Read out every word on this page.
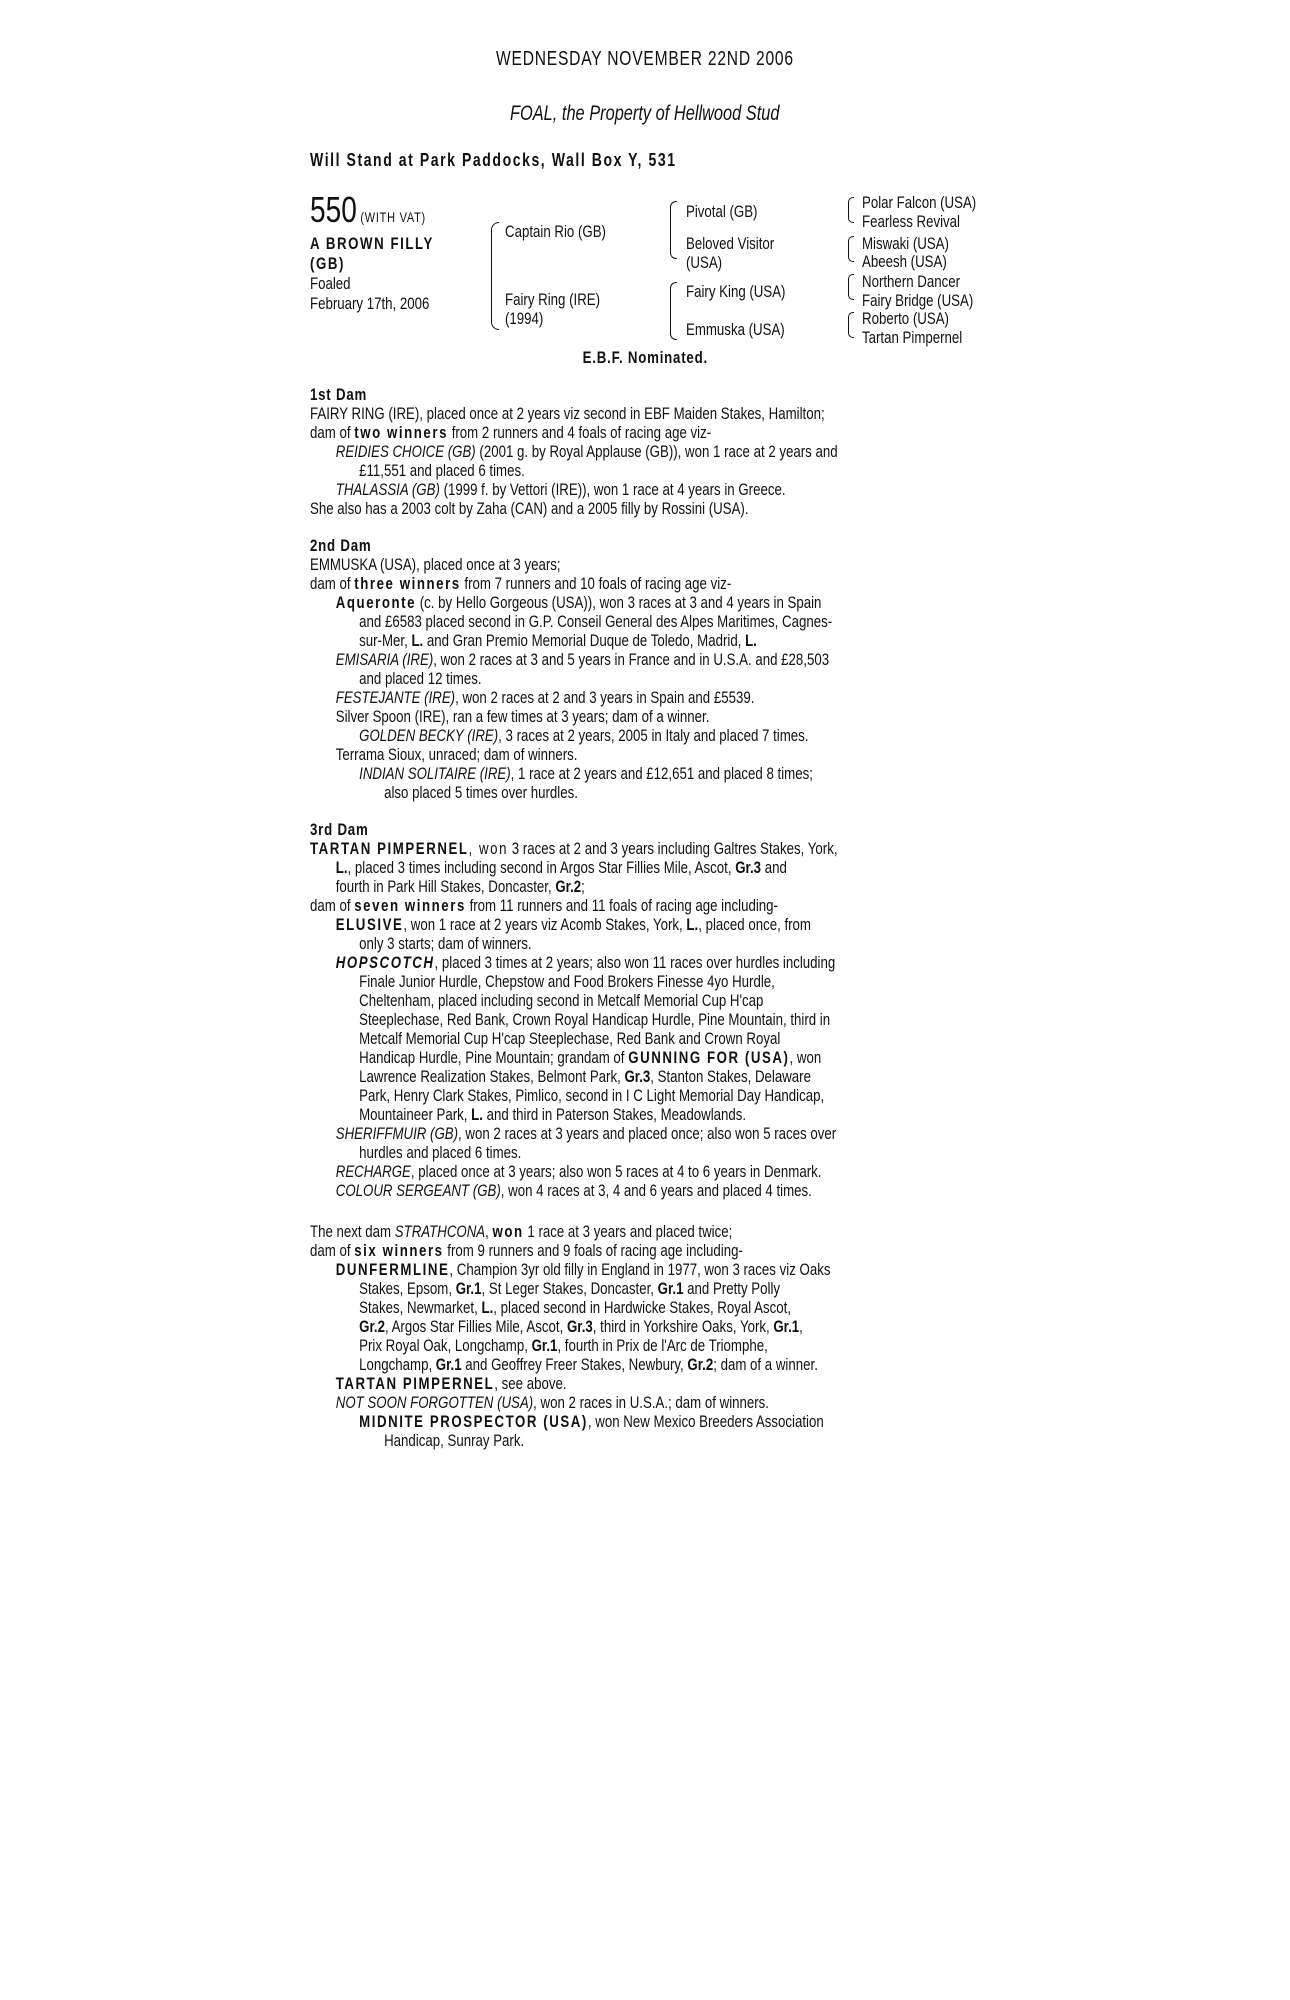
WEDNESDAY NOVEMBER 22ND 2006
FOAL, the Property of Hellwood Stud
Will Stand at Park Paddocks, Wall Box Y, 531
550 (WITH VAT)
A BROWN FILLY
(GB)
Foaled
February 17th, 2006
Captain Rio (GB)
Fairy Ring (IRE)
(1994)
Pivotal (GB)
Beloved Visitor
(USA)
Fairy King (USA)
Emmuska (USA)
Polar Falcon (USA)
Fearless Revival
Miswaki (USA)
Abeesh (USA)
Northern Dancer
Fairy Bridge (USA)
Roberto (USA)
Tartan Pimpernel
E.B.F. Nominated.
1st Dam
FAIRY RING (IRE), placed once at 2 years viz second in EBF Maiden Stakes, Hamilton;
dam of two winners from 2 runners and 4 foals of racing age viz-
REIDIES CHOICE (GB) (2001 g. by Royal Applause (GB)), won 1 race at 2 years and
£11,551 and placed 6 times.
THALASSIA (GB) (1999 f. by Vettori (IRE)), won 1 race at 4 years in Greece.
She also has a 2003 colt by Zaha (CAN) and a 2005 filly by Rossini (USA).
2nd Dam
EMMUSKA (USA), placed once at 3 years;
dam of three winners from 7 runners and 10 foals of racing age viz-
Aqueronte (c. by Hello Gorgeous (USA)), won 3 races at 3 and 4 years in Spain
and £6583 placed second in G.P. Conseil General des Alpes Maritimes, Cagnes-
sur-Mer, L. and Gran Premio Memorial Duque de Toledo, Madrid, L.
EMISARIA (IRE), won 2 races at 3 and 5 years in France and in U.S.A. and £28,503
and placed 12 times.
FESTEJANTE (IRE), won 2 races at 2 and 3 years in Spain and £5539.
Silver Spoon (IRE), ran a few times at 3 years; dam of a winner.
GOLDEN BECKY (IRE), 3 races at 2 years, 2005 in Italy and placed 7 times.
Terrama Sioux, unraced; dam of winners.
INDIAN SOLITAIRE (IRE), 1 race at 2 years and £12,651 and placed 8 times;
also placed 5 times over hurdles.
3rd Dam
TARTAN PIMPERNEL, won 3 races at 2 and 3 years including Galtres Stakes, York,
L., placed 3 times including second in Argos Star Fillies Mile, Ascot, Gr.3 and
fourth in Park Hill Stakes, Doncaster, Gr.2;
dam of seven winners from 11 runners and 11 foals of racing age including-
ELUSIVE, won 1 race at 2 years viz Acomb Stakes, York, L., placed once, from
only 3 starts; dam of winners.
HOPSCOTCH, placed 3 times at 2 years; also won 11 races over hurdles including
Finale Junior Hurdle, Chepstow and Food Brokers Finesse 4yo Hurdle,
Cheltenham, placed including second in Metcalf Memorial Cup H'cap
Steeplechase, Red Bank, Crown Royal Handicap Hurdle, Pine Mountain, third in
Metcalf Memorial Cup H'cap Steeplechase, Red Bank and Crown Royal
Handicap Hurdle, Pine Mountain; grandam of GUNNING FOR (USA), won
Lawrence Realization Stakes, Belmont Park, Gr.3, Stanton Stakes, Delaware
Park, Henry Clark Stakes, Pimlico, second in I C Light Memorial Day Handicap,
Mountaineer Park, L. and third in Paterson Stakes, Meadowlands.
SHERIFFMUIR (GB), won 2 races at 3 years and placed once; also won 5 races over
hurdles and placed 6 times.
RECHARGE, placed once at 3 years; also won 5 races at 4 to 6 years in Denmark.
COLOUR SERGEANT (GB), won 4 races at 3, 4 and 6 years and placed 4 times.
The next dam STRATHCONA, won 1 race at 3 years and placed twice;
dam of six winners from 9 runners and 9 foals of racing age including-
DUNFERMLINE, Champion 3yr old filly in England in 1977, won 3 races viz Oaks
Stakes, Epsom, Gr.1, St Leger Stakes, Doncaster, Gr.1 and Pretty Polly
Stakes, Newmarket, L., placed second in Hardwicke Stakes, Royal Ascot,
Gr.2, Argos Star Fillies Mile, Ascot, Gr.3, third in Yorkshire Oaks, York, Gr.1,
Prix Royal Oak, Longchamp, Gr.1, fourth in Prix de l'Arc de Triomphe,
Longchamp, Gr.1 and Geoffrey Freer Stakes, Newbury, Gr.2; dam of a winner.
TARTAN PIMPERNEL, see above.
NOT SOON FORGOTTEN (USA), won 2 races in U.S.A.; dam of winners.
MIDNITE PROSPECTOR (USA), won New Mexico Breeders Association
Handicap, Sunray Park.
